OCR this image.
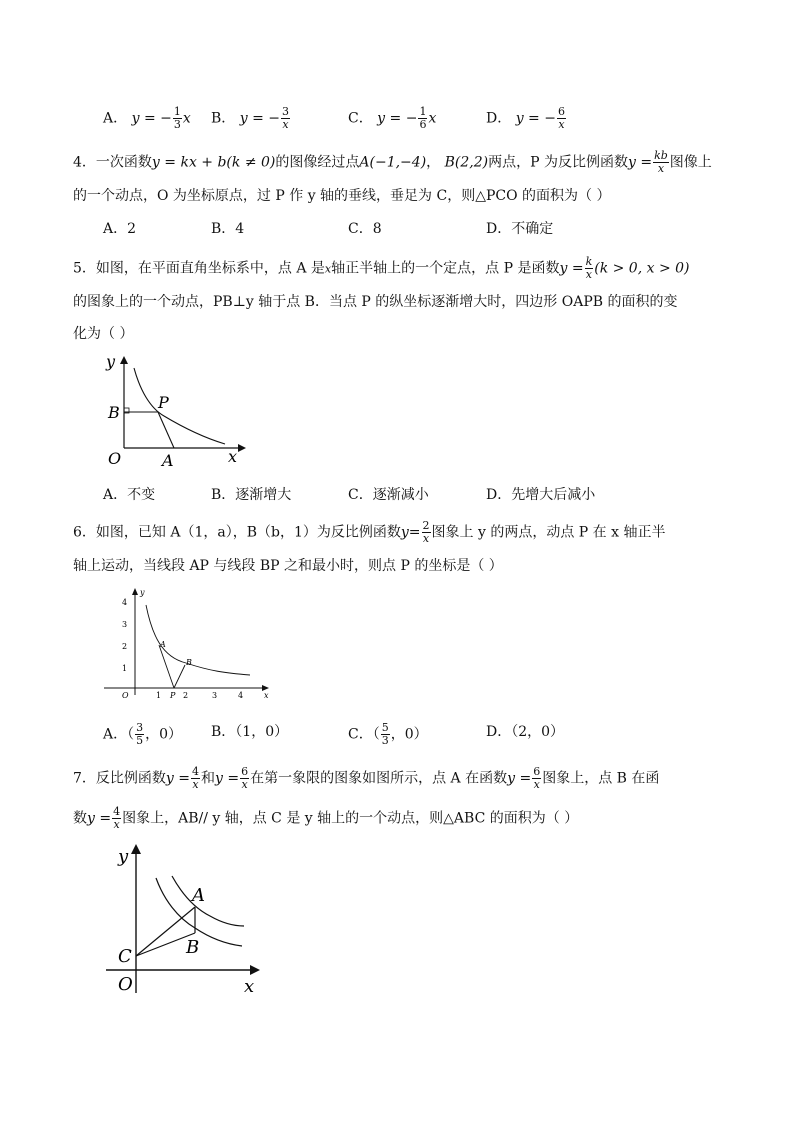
A． y = − $\frac{1}{3}$ x B． y = − $\frac{3}{x}$	C． y = − $\frac{1}{6}$ x	D． y = − $\frac{6}{x}$
4．一次函数y = kx + b(k ≠ 0)的图像经过点A(−1,−4)， B(2,2)两点，P 为反比例函数$y = \frac{kb}{x}$ 图像上
的一个动点，O 为坐标原点，过 P 作 y 轴的垂线，垂足为 C，则△PCO 的面积为（ ）
A．2	B．4	C．8	D．不确定
5．如图，在平面直角坐标系中，点 A 是x轴正半轴上的一个定点，点 P 是函数$y = \frac{k}{x} (k > 0$, x > 0)
的图象上的一个动点，PB⊥y 轴于点 B．当点 P 的纵坐标逐渐增大时，四边形 OAPB 的面积的变
化为（ ）
y
B
P
O	A	x
A．不变	B．逐渐增大	C．逐渐减小	D．先增大后减小
6．如图，已知 A（1，a），B（b，1）为反比例函数$y= \frac{2}{x}$ 图象上 y 的两点，动点 P 在 x 轴正半
轴上运动，当线段 AP 与线段 BP 之和最小时，则点 P 的坐标是（ ）
y
x
O
4
3
2
1
1	2	3	4
A
B
P
A．（ $\frac{3}{5}$ ，0） B．（1，0）	C．（ $\frac{5}{3}$ ，0）	D．（2，0）
7．反比例函数$y = \frac{4}{x}$ 和$y = \frac{6}{x}$ 在第一象限的图象如图所示，点 A 在函数$y = \frac{6}{x}$ 图象上，点 B 在函
数$y = \frac{4}{x}$ 图象上，AB// y 轴，点 C 是 y 轴上的一个动点，则△ABC 的面积为（ ）
y
x
O
A
B
C
